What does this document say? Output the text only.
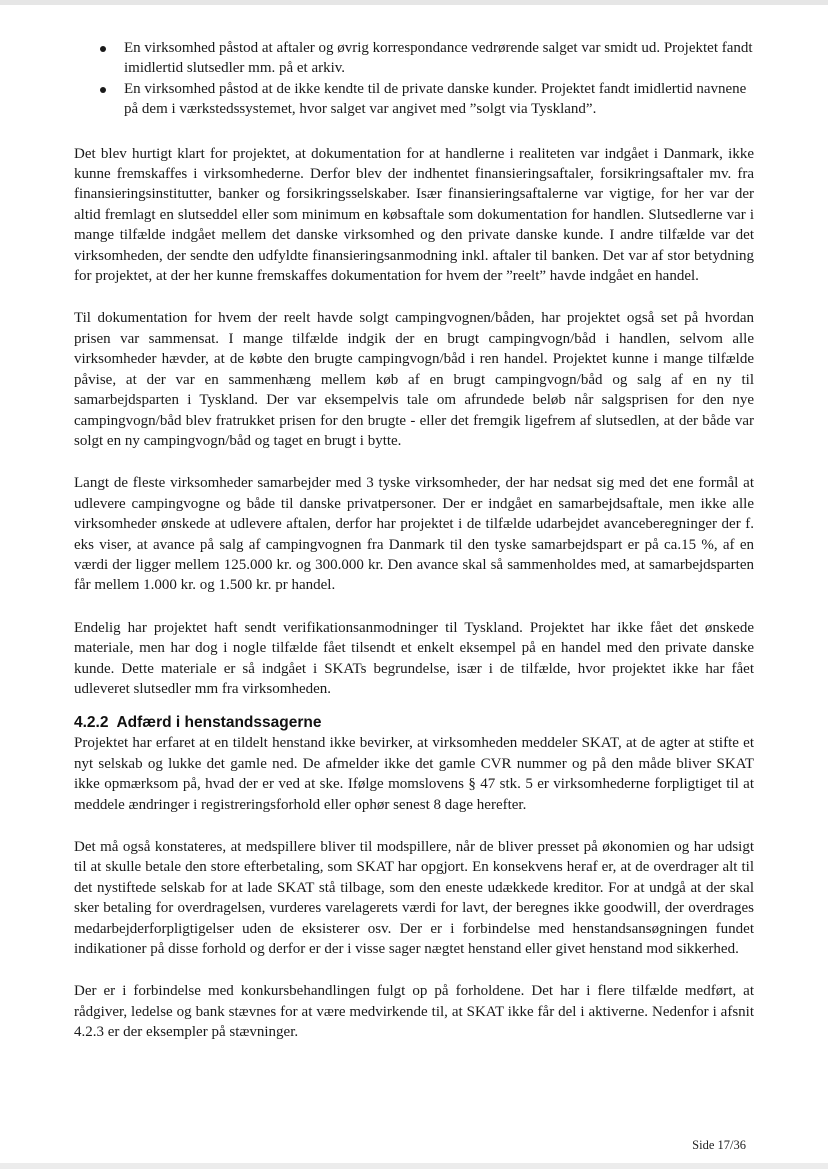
En virksomhed påstod at aftaler og øvrig korrespondance vedrørende salget var smidt ud. Projektet fandt imidlertid slutsedler mm. på et arkiv.
En virksomhed påstod at de ikke kendte til de private danske kunder. Projektet fandt imidlertid navnene på dem i værkstedssystemet, hvor salget var angivet med ”solgt via Tyskland”.

Det blev hurtigt klart for projektet, at dokumentation for at handlerne i realiteten var indgået i Danmark, ikke kunne fremskaffes i virksomhederne. Derfor blev der indhentet finansieringsaftaler, forsikringsaftaler mv. fra finansieringsinstitutter, banker og forsikringsselskaber. Især finansieringsaftalerne var vigtige, for her var der altid fremlagt en slutseddel eller som minimum en købsaftale som dokumentation for handlen. Slutsedlerne var i mange tilfælde indgået mellem det danske virksomhed og den private danske kunde. I andre tilfælde var det virksomheden, der sendte den udfyldte finansieringsanmodning inkl. aftaler til banken. Det var af stor betydning for projektet, at der her kunne fremskaffes dokumentation for hvem der ”reelt” havde indgået en handel.

Til dokumentation for hvem der reelt havde solgt campingvognen/båden, har projektet også set på hvordan prisen var sammensat. I mange tilfælde indgik der en brugt campingvogn/båd i handlen, selvom alle virksomheder hævder, at de købte den brugte campingvogn/båd i ren handel. Projektet kunne i mange tilfælde påvise, at der var en sammenhæng mellem køb af en brugt campingvogn/båd og salg af en ny til samarbejdsparten i Tyskland. Der var eksempelvis tale om afrundede beløb når salgsprisen for den nye campingvogn/båd blev fratrukket prisen for den brugte - eller det fremgik ligefrem af slutsedlen, at der både var solgt en ny campingvogn/båd og taget en brugt i bytte.

Langt de fleste virksomheder samarbejder med 3 tyske virksomheder, der har nedsat sig med det ene formål at udlevere campingvogne og både til danske privatpersoner. Der er indgået en samarbejdsaftale, men ikke alle virksomheder ønskede at udlevere aftalen, derfor har projektet i de tilfælde udarbejdet avanceberegninger der f. eks viser, at avance på salg af campingvognen fra Danmark til den tyske samarbejdspart er på ca.15 %, af en værdi der ligger mellem 125.000 kr. og 300.000 kr. Den avance skal så sammenholdes med, at samarbejdsparten får mellem 1.000 kr. og 1.500 kr. pr handel.

Endelig har projektet haft sendt verifikationsanmodninger til Tyskland. Projektet har ikke fået det ønskede materiale, men har dog i nogle tilfælde fået tilsendt et enkelt eksempel på en handel med den private danske kunde. Dette materiale er så indgået i SKATs begrundelse, især i de tilfælde, hvor projektet ikke har fået udleveret slutsedler mm fra virksomheden.

4.2.2 Adfærd i henstandssagerne

Projektet har erfaret at en tildelt henstand ikke bevirker, at virksomheden meddeler SKAT, at de agter at stifte et nyt selskab og lukke det gamle ned. De afmelder ikke det gamle CVR nummer og på den måde bliver SKAT ikke opmærksom på, hvad der er ved at ske. Ifølge momslovens § 47 stk. 5 er virksomhederne forpligtiget til at meddele ændringer i registreringsforhold eller ophør senest 8 dage herefter.

Det må også konstateres, at medspillere bliver til modspillere, når de bliver presset på økonomien og har udsigt til at skulle betale den store efterbetaling, som SKAT har opgjort. En konsekvens heraf er, at de overdrager alt til det nystiftede selskab for at lade SKAT stå tilbage, som den eneste udækkede kreditor. For at undgå at der skal sker betaling for overdragelsen, vurderes varelagerets værdi for lavt, der beregnes ikke goodwill, der overdrages medarbejderforpligtigelser uden de eksisterer osv. Der er i forbindelse med henstandsansøgningen fundet indikationer på disse forhold og derfor er der i visse sager nægtet henstand eller givet henstand mod sikkerhed.

Der er i forbindelse med konkursbehandlingen fulgt op på forholdene. Det har i flere tilfælde medført, at rådgiver, ledelse og bank stævnes for at være medvirkende til, at SKAT ikke får del i aktiverne. Nedenfor i afsnit 4.2.3 er der eksempler på stævninger.

Side 17/36
